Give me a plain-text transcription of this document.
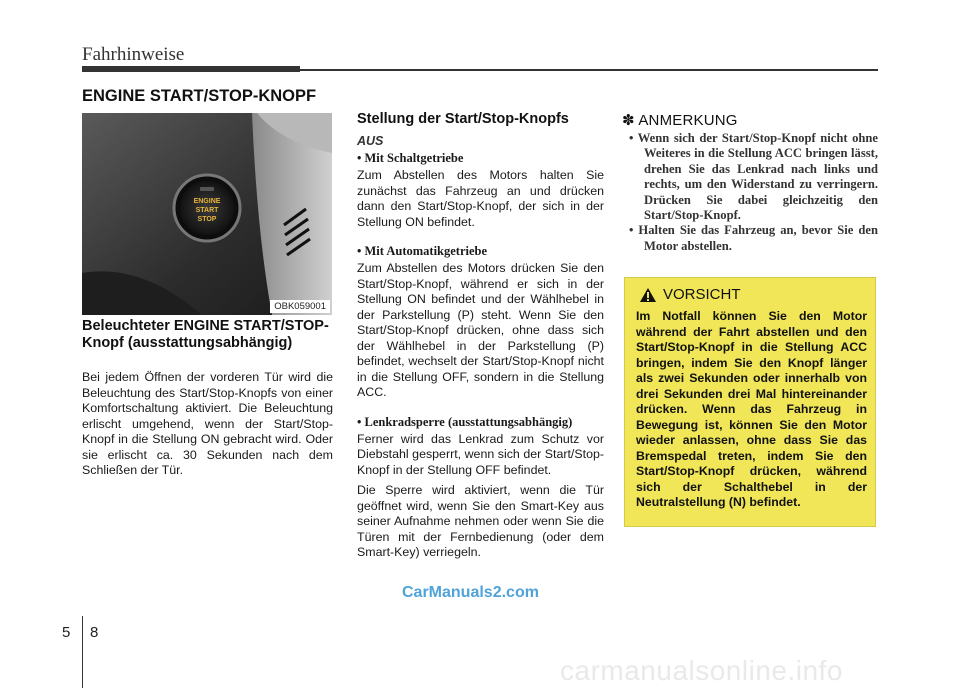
Fahrhinweise
ENGINE START/STOP-KNOPF
ENGINE
START
STOP
OBK059001
Beleuchteter ENGINE START/STOP-Knopf (ausstattungsabhängig)
Bei jedem Öffnen der vorderen Tür wird die Beleuchtung des Start/Stop-Knopfs von einer Komfortschaltung aktiviert. Die Beleuchtung erlischt umgehend, wenn der Start/Stop-Knopf in die Stellung ON gebracht wird. Oder sie erlischt ca. 30 Sekunden nach dem Schließen der Tür.
Stellung der Start/Stop-Knopfs
AUS
• Mit Schaltgetriebe
Zum Abstellen des Motors halten Sie zunächst das Fahrzeug an und drücken dann den Start/Stop-Knopf, der sich in der Stellung ON befindet.
• Mit Automatikgetriebe
Zum Abstellen des Motors drücken Sie den Start/Stop-Knopf, während er sich in der Stellung ON befindet und der Wählhebel in der Parkstellung (P) steht. Wenn Sie den Start/Stop-Knopf drücken, ohne dass sich der Wählhebel in der Parkstellung (P) befindet, wechselt der Start/Stop-Knopf nicht in die Stellung OFF, sondern in die Stellung ACC.
• Lenkradsperre (ausstattungsabhängig)
Ferner wird das Lenkrad zum Schutz vor Diebstahl gesperrt, wenn sich der Start/Stop-Knopf in der Stellung OFF befindet.
Die Sperre wird aktiviert, wenn die Tür geöffnet wird, wenn Sie den Smart-Key aus seiner Aufnahme nehmen oder wenn Sie die Türen mit der Fernbedienung (oder dem Smart-Key) verriegeln.
✽ ANMERKUNG
• Wenn sich der Start/Stop-Knopf nicht ohne Weiteres in die Stellung ACC bringen lässt, drehen Sie das Lenkrad nach links und rechts, um den Widerstand zu verringern. Drücken Sie dabei gleichzeitig den Start/Stop-Knopf.
• Halten Sie das Fahrzeug an, bevor Sie den Motor abstellen.
VORSICHT
Im Notfall können Sie den Motor während der Fahrt abstellen und den Start/Stop-Knopf in die Stellung ACC bringen, indem Sie den Knopf länger als zwei Sekunden oder innerhalb von drei Sekunden drei Mal hintereinander drücken. Wenn das Fahrzeug in Bewegung ist, können Sie den Motor wieder anlassen, ohne dass Sie das Bremspedal treten, indem Sie den Start/Stop-Knopf drücken, während sich der Schalthebel in der Neutralstellung (N) befindet.
CarManuals2.com
5 8
carmanualsonline.info
